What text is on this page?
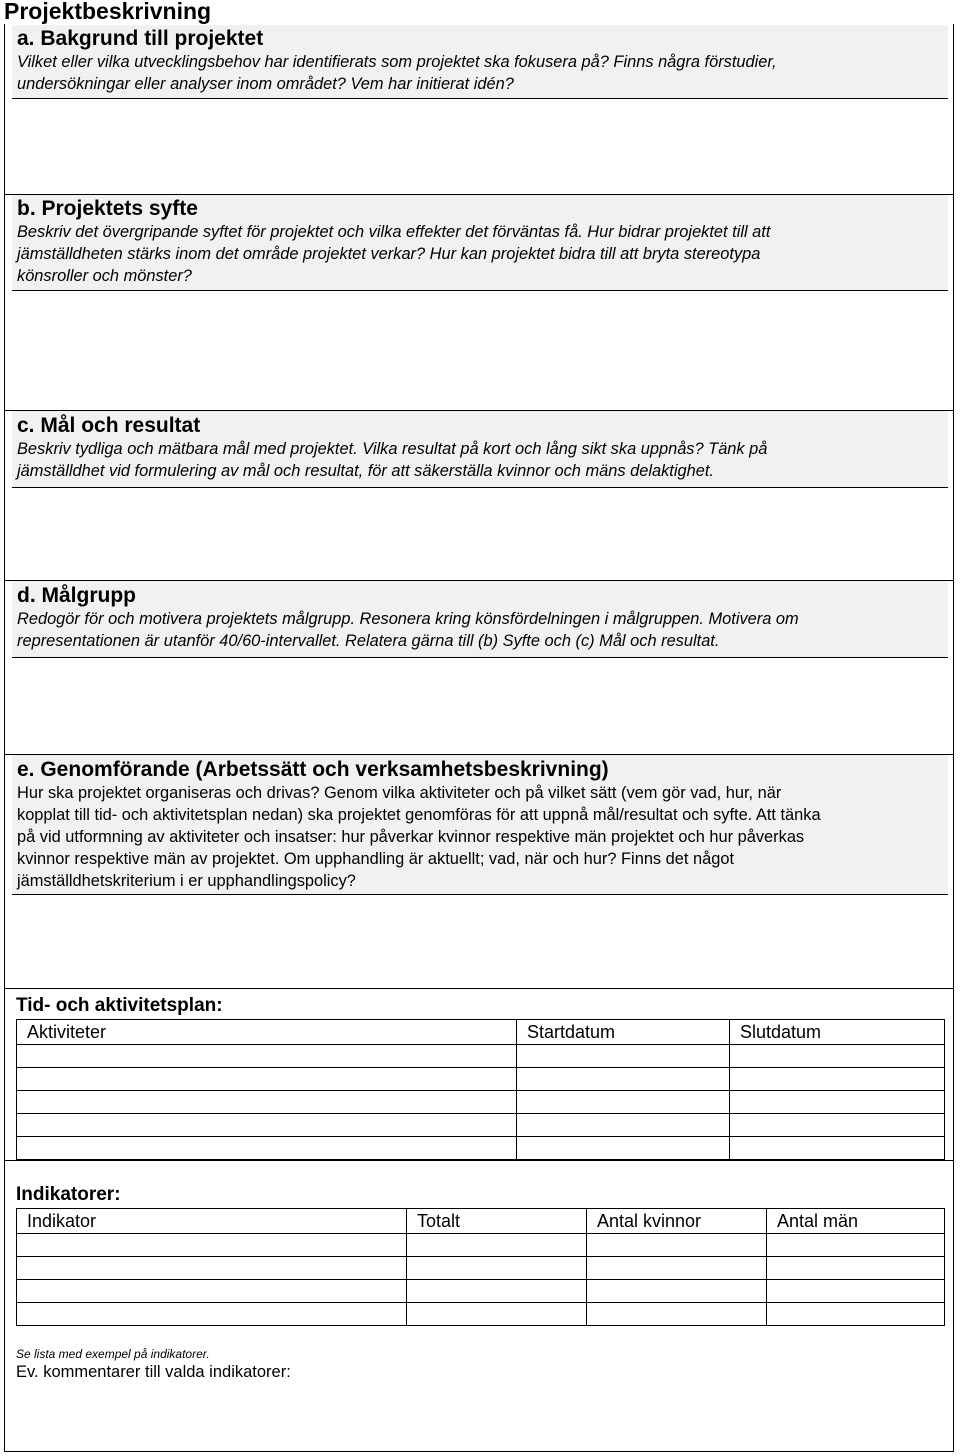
Projektbeskrivning
a. Bakgrund till projektet

Vilket eller vilka utvecklingsbehov har identifierats som projektet ska fokusera på? Finns några förstudier,

undersökningar eller analyser inom området? Vem har initierat idén?

b. Projektets syfte

Beskriv det övergripande syftet för projektet och vilka effekter det förväntas få. Hur bidrar projektet till att

jämställdheten stärks inom det område projektet verkar? Hur kan projektet bidra till att bryta stereotypa

könsroller och mönster?

c. Mål och resultat

Beskriv tydliga och mätbara mål med projektet. Vilka resultat på kort och lång sikt ska uppnås? Tänk på

jämställdhet vid formulering av mål och resultat, för att säkerställa kvinnor och mäns delaktighet.

d. Målgrupp

Redogör för och motivera projektets målgrupp. Resonera kring könsfördelningen i målgruppen. Motivera om

representationen är utanför 40/60-intervallet. Relatera gärna till (b) Syfte och (c) Mål och resultat.

e. Genomförande (Arbetssätt och verksamhetsbeskrivning)

Hur ska projektet organiseras och drivas? Genom vilka aktiviteter och på vilket sätt (vem gör vad, hur, när

kopplat till tid- och aktivitetsplan nedan) ska projektet genomföras för att uppnå mål/resultat och syfte. Att tänka

på vid utformning av aktiviteter och insatser: hur påverkar kvinnor respektive män projektet och hur påverkas

kvinnor respektive män av projektet. Om upphandling är aktuellt; vad, när och hur? Finns det något

jämställdhetskriterium i er upphandlingspolicy?

Tid- och aktivitetsplan:
Aktiviteter	Startdatum	Slutdatum

Indikatorer:
Indikator	Totalt	Antal kvinnor	Antal män

Se lista med exempel på indikatorer.
Ev. kommentarer till valda indikatorer:
